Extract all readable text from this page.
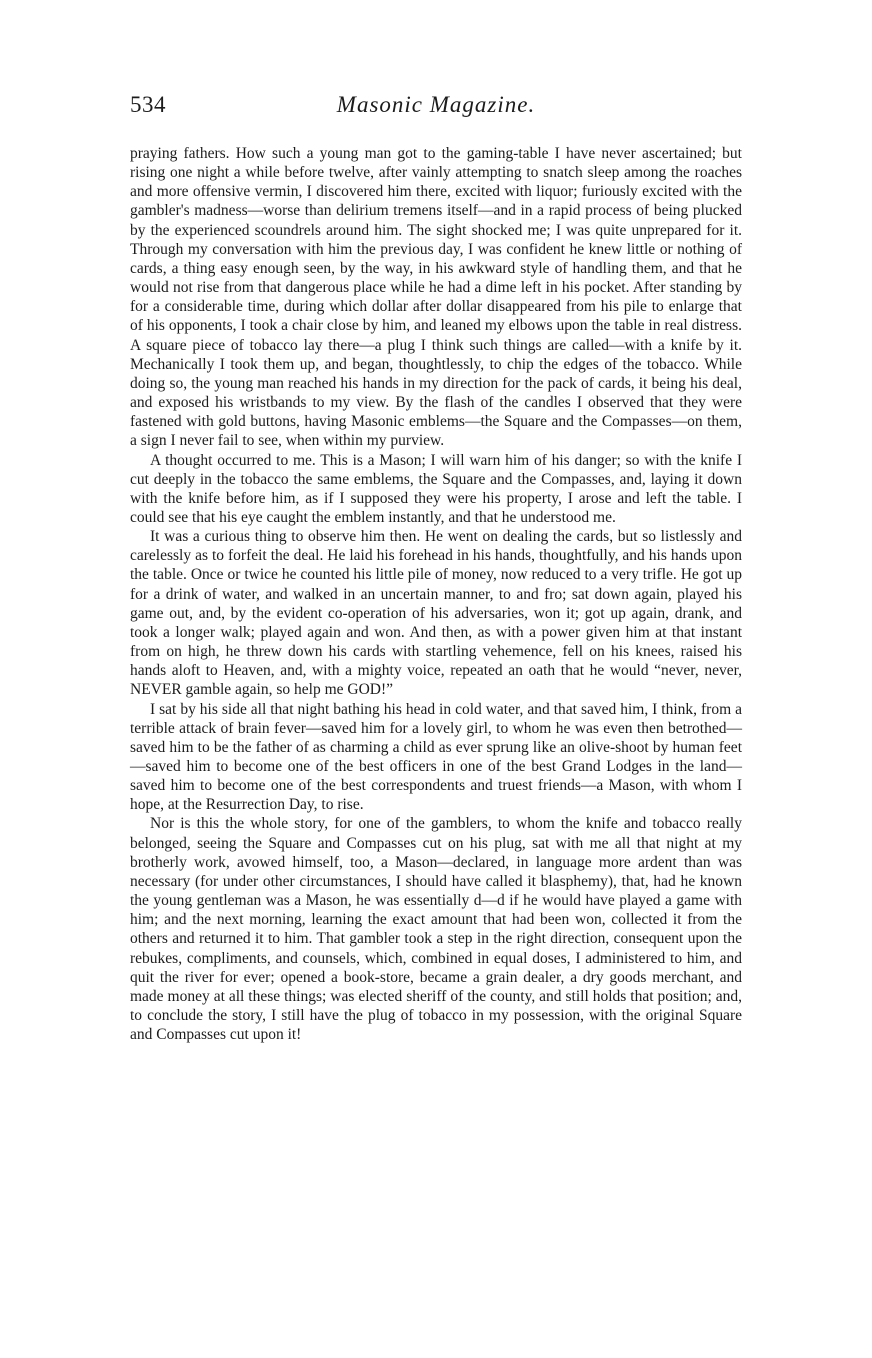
534	Masonic Magazine.

praying fathers. How such a young man got to the gaming-table I have never ascertained; but rising one night a while before twelve, after vainly attempting to snatch sleep among the roaches and more offensive vermin, I discovered him there, excited with liquor; furiously excited with the gambler's madness—worse than delirium tremens itself—and in a rapid process of being plucked by the experienced scoundrels around him. The sight shocked me; I was quite unprepared for it. Through my conversation with him the previous day, I was confident he knew little or nothing of cards, a thing easy enough seen, by the way, in his awkward style of handling them, and that he would not rise from that dangerous place while he had a dime left in his pocket. After standing by for a considerable time, during which dollar after dollar disappeared from his pile to enlarge that of his opponents, I took a chair close by him, and leaned my elbows upon the table in real distress. A square piece of tobacco lay there—a plug I think such things are called—with a knife by it. Mechanically I took them up, and began, thoughtlessly, to chip the edges of the tobacco. While doing so, the young man reached his hands in my direction for the pack of cards, it being his deal, and exposed his wristbands to my view. By the flash of the candles I observed that they were fastened with gold buttons, having Masonic emblems—the Square and the Compasses—on them, a sign I never fail to see, when within my purview.

A thought occurred to me. This is a Mason; I will warn him of his danger; so with the knife I cut deeply in the tobacco the same emblems, the Square and the Compasses, and, laying it down with the knife before him, as if I supposed they were his property, I arose and left the table. I could see that his eye caught the emblem instantly, and that he understood me.

It was a curious thing to observe him then. He went on dealing the cards, but so listlessly and carelessly as to forfeit the deal. He laid his forehead in his hands, thoughtfully, and his hands upon the table. Once or twice he counted his little pile of money, now reduced to a very trifle. He got up for a drink of water, and walked in an uncertain manner, to and fro; sat down again, played his game out, and, by the evident co-operation of his adversaries, won it; got up again, drank, and took a longer walk; played again and won. And then, as with a power given him at that instant from on high, he threw down his cards with startling vehemence, fell on his knees, raised his hands aloft to Heaven, and, with a mighty voice, repeated an oath that he would “never, never, NEVER gamble again, so help me GOD!”

I sat by his side all that night bathing his head in cold water, and that saved him, I think, from a terrible attack of brain fever—saved him for a lovely girl, to whom he was even then betrothed—saved him to be the father of as charming a child as ever sprung like an olive-shoot by human feet—saved him to become one of the best officers in one of the best Grand Lodges in the land—saved him to become one of the best correspondents and truest friends—a Mason, with whom I hope, at the Resurrection Day, to rise.

Nor is this the whole story, for one of the gamblers, to whom the knife and tobacco really belonged, seeing the Square and Compasses cut on his plug, sat with me all that night at my brotherly work, avowed himself, too, a Mason—declared, in language more ardent than was necessary (for under other circumstances, I should have called it blasphemy), that, had he known the young gentleman was a Mason, he was essentially d—d if he would have played a game with him; and the next morning, learning the exact amount that had been won, collected it from the others and returned it to him. That gambler took a step in the right direction, consequent upon the rebukes, compliments, and counsels, which, combined in equal doses, I administered to him, and quit the river for ever; opened a book-store, became a grain dealer, a dry goods merchant, and made money at all these things; was elected sheriff of the county, and still holds that position; and, to conclude the story, I still have the plug of tobacco in my possession, with the original Square and Compasses cut upon it!
